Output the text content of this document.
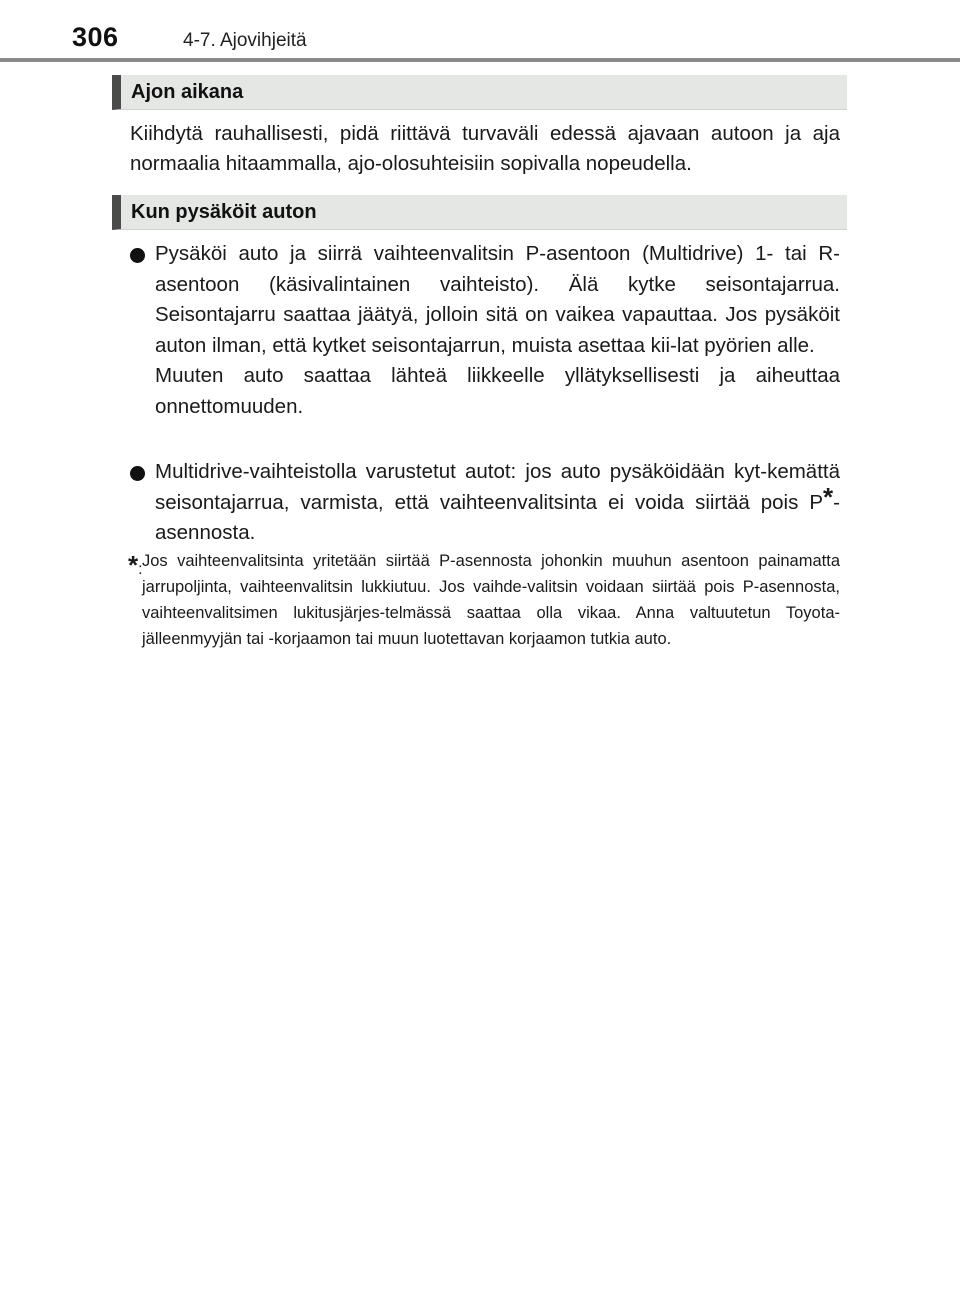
306	4-7. Ajovihjeitä
Ajon aikana
Kiihdytä rauhallisesti, pidä riittävä turvaväli edessä ajavaan autoon ja aja normaalia hitaammalla, ajo-olosuhteisiin sopivalla nopeudella.
Kun pysäköit auton

Pysäköi auto ja siirrä vaihteenvalitsin P-asentoon (Multidrive) 1- tai R-asentoon (käsivalintainen vaihteisto). Älä kytke seisontajarrua. Seisontajarru saattaa jäätyä, jolloin sitä on vaikea vapauttaa. Jos pysäköit auton ilman, että kytket seisontajarrun, muista asettaa kii-lat pyörien alle.

Muuten auto saattaa lähteä liikkeelle yllätyksellisesti ja aiheuttaa onnettomuuden.

Multidrive-vaihteistolla varustetut autot: jos auto pysäköidään kyt-kemättä seisontajarrua, varmista, että vaihteenvalitsinta ei voida siirtää pois P*-asennosta.

*: Jos vaihteenvalitsinta yritetään siirtää P-asennosta johonkin muuhun asentoon painamatta jarrupoljinta, vaihteenvalitsin lukkiutuu. Jos vaihde-valitsin voidaan siirtää pois P-asennosta, vaihteenvalitsimen lukitusjärjes-telmässä saattaa olla vikaa. Anna valtuutetun Toyota-jälleenmyyjän tai -korjaamon tai muun luotettavan korjaamon tutkia auto.
